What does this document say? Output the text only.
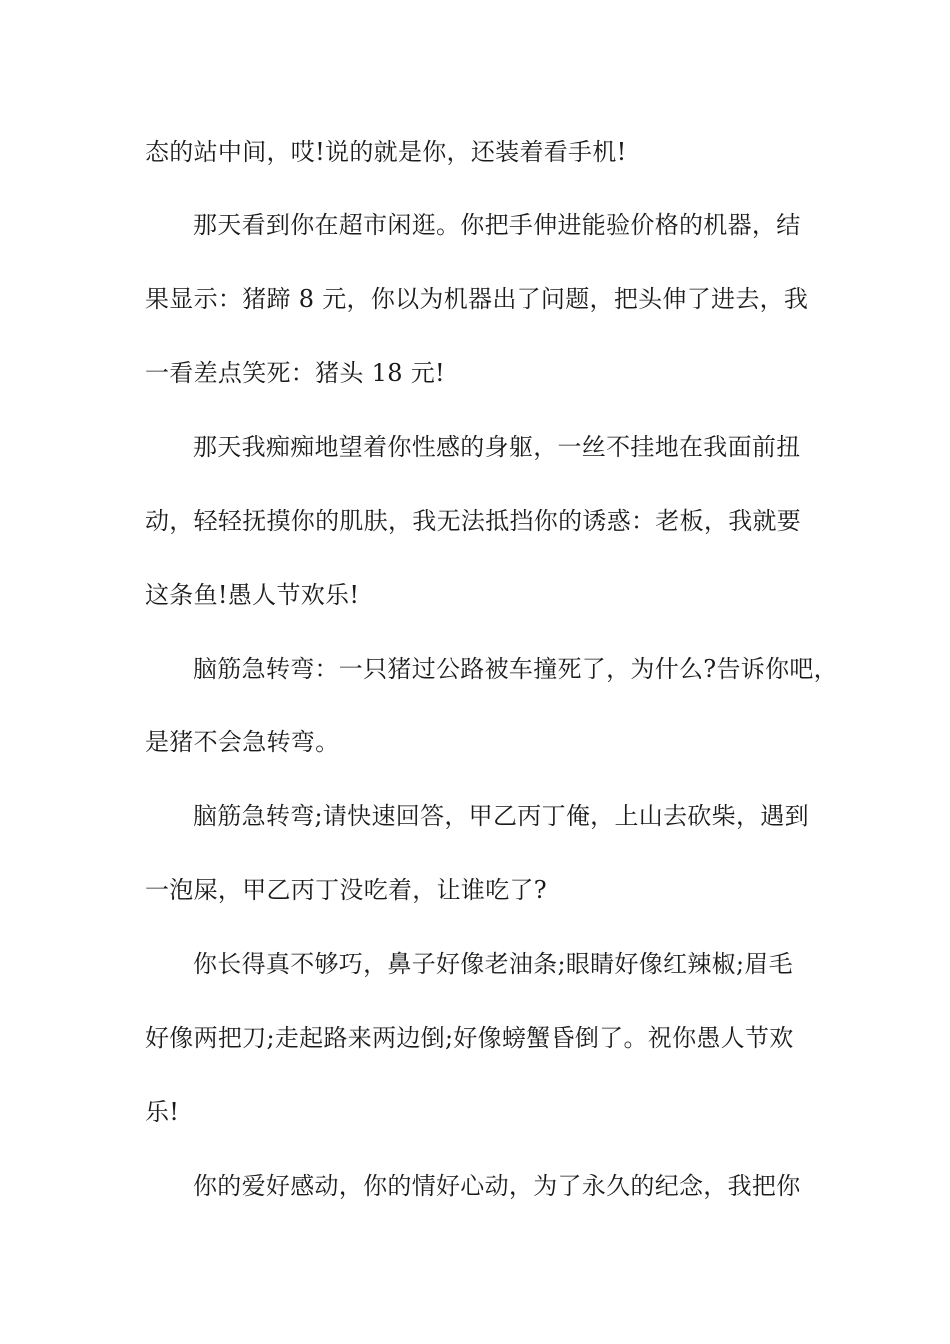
态的站中间，哎!说的就是你，还装着看手机!
那天看到你在超市闲逛。你把手伸进能验价格的机器，结
果显示：猪蹄 8 元，你以为机器出了问题，把头伸了进去，我
一看差点笑死：猪头 18 元!
那天我痴痴地望着你性感的身躯，一丝不挂地在我面前扭
动，轻轻抚摸你的肌肤，我无法抵挡你的诱惑：老板，我就要
这条鱼!愚人节欢乐!
脑筋急转弯：一只猪过公路被车撞死了，为什么?告诉你吧，
是猪不会急转弯。
脑筋急转弯;请快速回答，甲乙丙丁俺，上山去砍柴，遇到
一泡屎，甲乙丙丁没吃着，让谁吃了?
你长得真不够巧，鼻子好像老油条;眼睛好像红辣椒;眉毛
好像两把刀;走起路来两边倒;好像螃蟹昏倒了。祝你愚人节欢
乐!
你的爱好感动，你的情好心动，为了永久的纪念，我把你
